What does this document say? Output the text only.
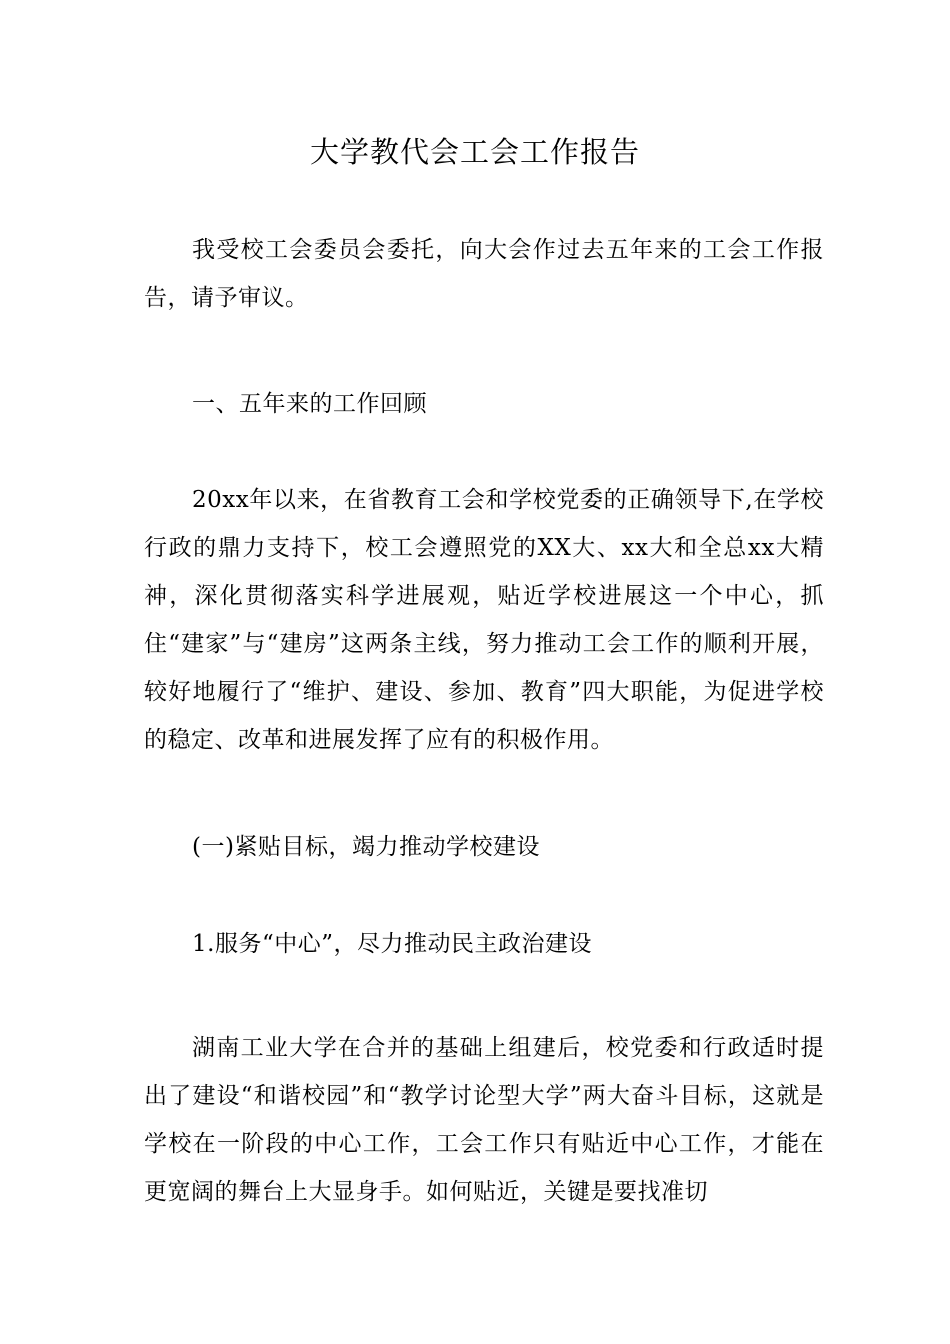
大学教代会工会工作报告
我受校工会委员会委托，向大会作过去五年来的工会工作报告，请予审议。
一、五年来的工作回顾
20xx年以来，在省教育工会和学校党委的正确领导下,在学校行政的鼎力支持下，校工会遵照党的XX大、xx大和全总xx大精神，深化贯彻落实科学进展观，贴近学校进展这一个中心，抓住“建家”与“建房”这两条主线，努力推动工会工作的顺利开展，较好地履行了“维护、建设、参加、教育”四大职能，为促进学校的稳定、改革和进展发挥了应有的积极作用。
(一)紧贴目标，竭力推动学校建设
1.服务“中心”，尽力推动民主政治建设
湖南工业大学在合并的基础上组建后，校党委和行政适时提出了建设“和谐校园”和“教学讨论型大学”两大奋斗目标，这就是学校在一阶段的中心工作，工会工作只有贴近中心工作，才能在更宽阔的舞台上大显身手。如何贴近，关键是要找准切
